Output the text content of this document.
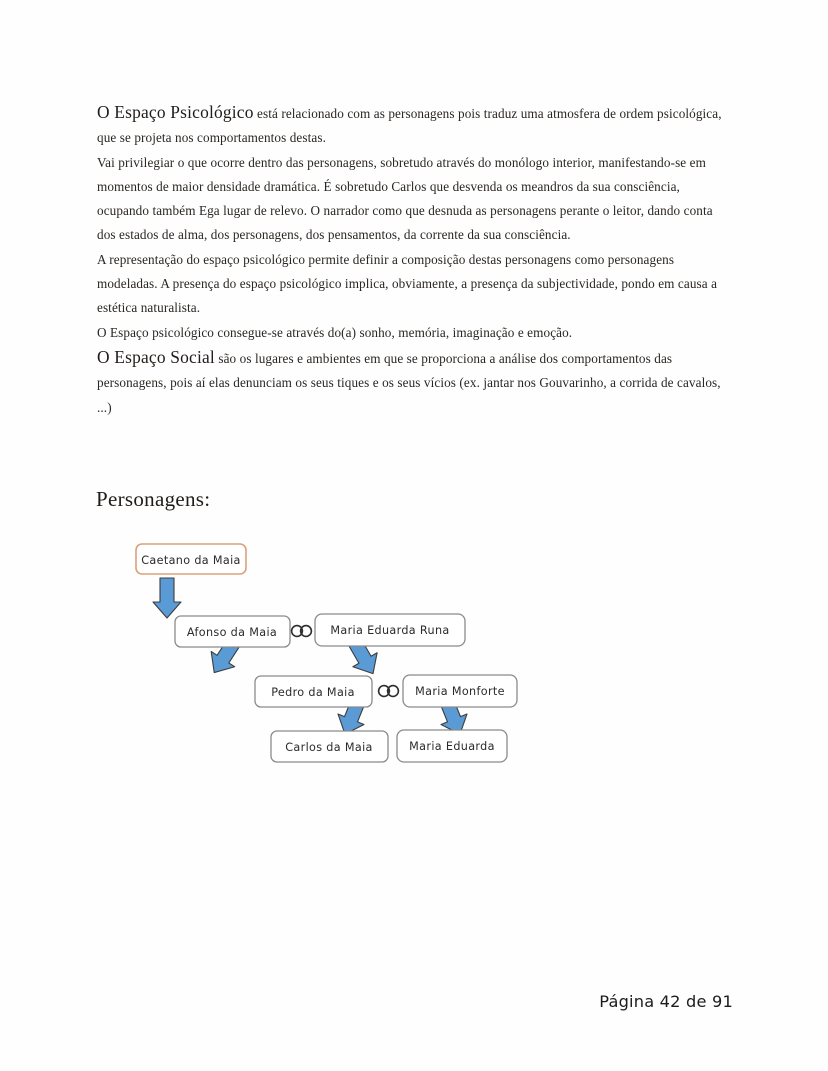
O Espaço Psicológico está relacionado com as personagens pois traduz uma atmosfera de ordem psicológica, que se projeta nos comportamentos destas.

Vai privilegiar o que ocorre dentro das personagens, sobretudo através do monólogo interior, manifestando-se em momentos de maior densidade dramática. É sobretudo Carlos que desvenda os meandros da sua consciência, ocupando também Ega lugar de relevo. O narrador como que desnuda as personagens perante o leitor, dando conta dos estados de alma, dos personagens, dos pensamentos, da corrente da sua consciência.

A representação do espaço psicológico permite definir a composição destas personagens como personagens modeladas. A presença do espaço psicológico implica, obviamente, a presença da subjectividade, pondo em causa a estética naturalista.

O Espaço psicológico consegue-se através do(a) sonho, memória, imaginação e emoção.

O Espaço Social são os lugares e ambientes em que se proporciona a análise dos comportamentos das personagens, pois aí elas denunciam os seus tiques e os seus vícios (ex. jantar nos Gouvarinho, a corrida de cavalos, ...)

Personagens:
Caetano da Maia
Afonso da Maia	Maria Eduarda Runa
Pedro da Maia	Maria Monforte
Carlos da Maia	Maria Eduarda
Página 42 de 91
